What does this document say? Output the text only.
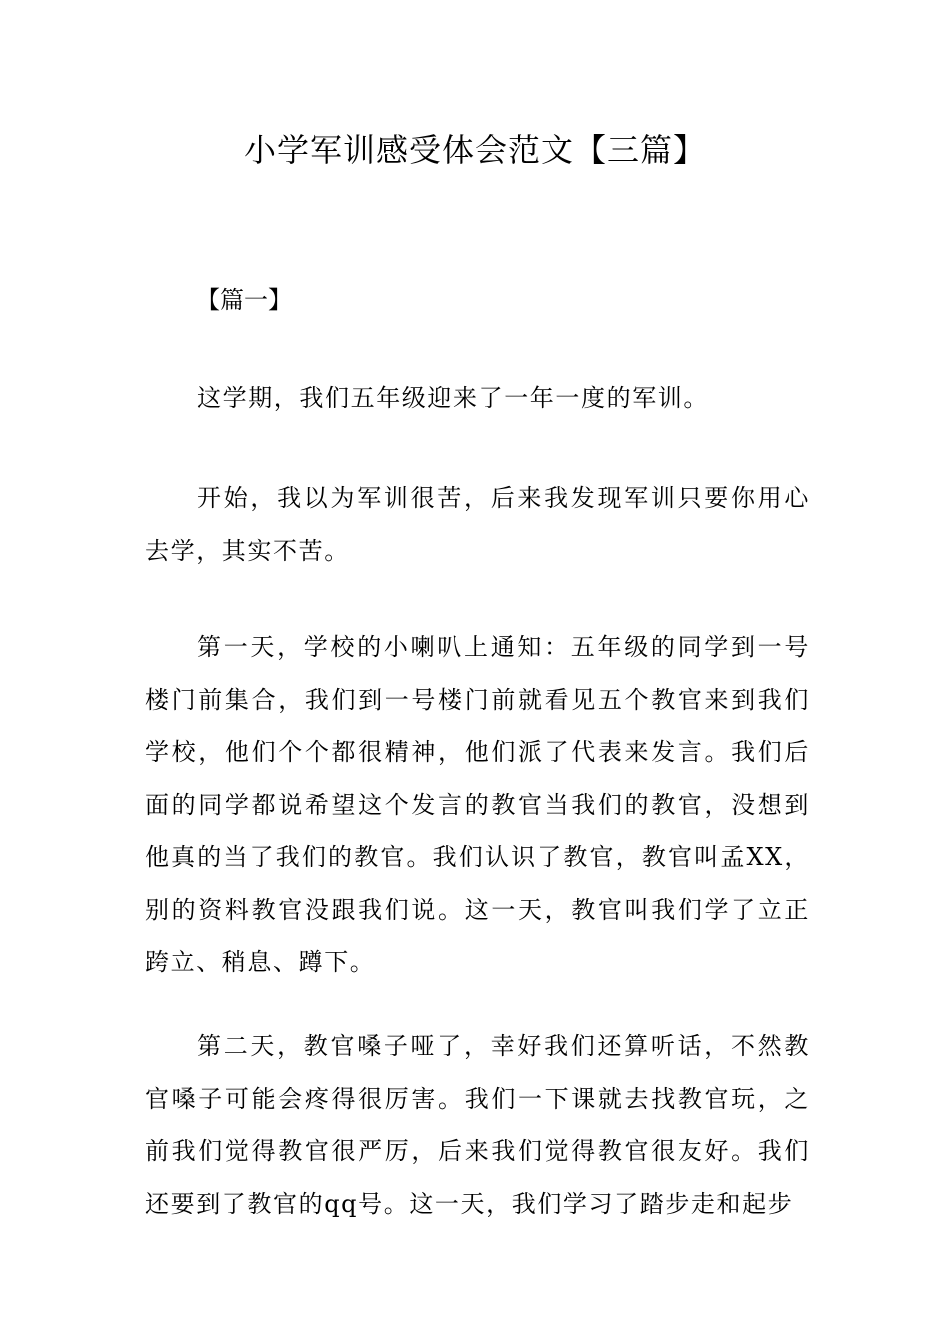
小学军训感受体会范文【三篇】
【篇一】

这学期，我们五年级迎来了一年一度的军训。

开始，我以为军训很苦，后来我发现军训只要你用心去学，其实不苦。

第一天，学校的小喇叭上通知：五年级的同学到一号楼门前集合，我们到一号楼门前就看见五个教官来到我们学校，他们个个都很精神，他们派了代表来发言。我们后面的同学都说希望这个发言的教官当我们的教官，没想到他真的当了我们的教官。我们认识了教官，教官叫孟XX，别的资料教官没跟我们说。这一天，教官叫我们学了立正跨立、稍息、蹲下。

第二天，教官嗓子哑了，幸好我们还算听话，不然教官嗓子可能会疼得很厉害。我们一下课就去找教官玩，之前我们觉得教官很严厉，后来我们觉得教官很友好。我们还要到了教官的qq号。这一天，我们学习了踏步走和起步
